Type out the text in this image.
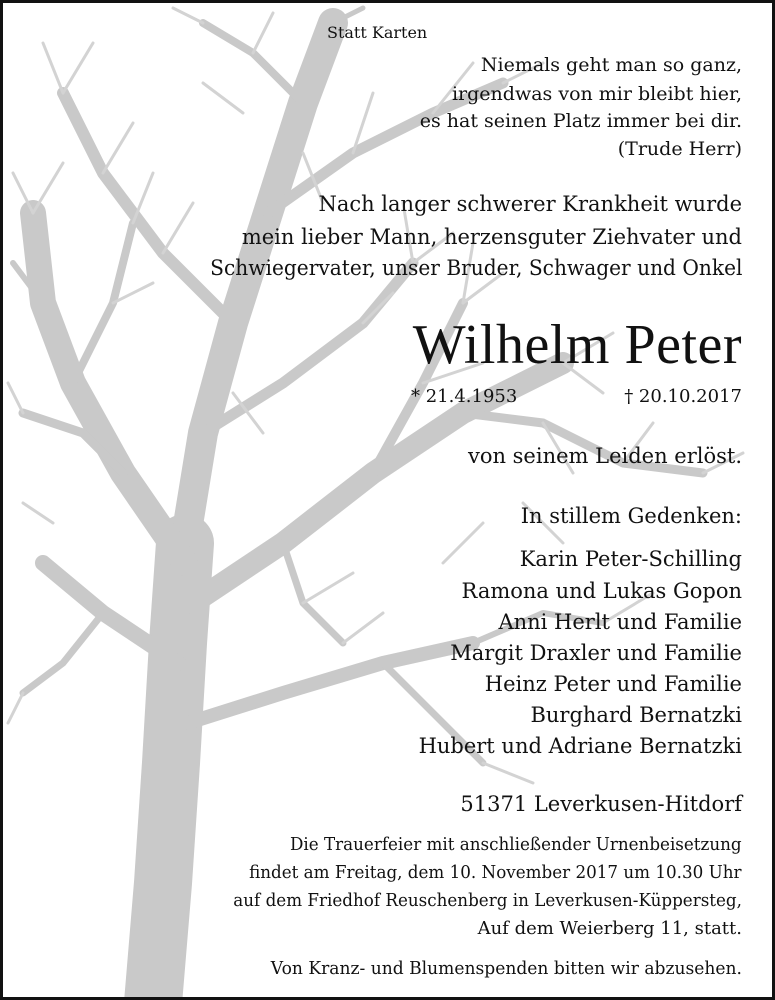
Statt Karten
Niemals geht man so ganz,
irgendwas von mir bleibt hier,
es hat seinen Platz immer bei dir.
(Trude Herr)
Nach langer schwerer Krankheit wurde
mein lieber Mann, herzensguter Ziehvater und
Schwiegervater, unser Bruder, Schwager und Onkel
Wilhelm Peter
* 21.4.1953	† 20.10.2017
von seinem Leiden erlöst.
In stillem Gedenken:
Karin Peter-Schilling
Ramona und Lukas Gopon
Anni Herlt und Familie
Margit Draxler und Familie
Heinz Peter und Familie
Burghard Bernatzki
Hubert und Adriane Bernatzki
51371 Leverkusen-Hitdorf
Die Trauerfeier mit anschließender Urnenbeisetzung
findet am Freitag, dem 10. November 2017 um 10.30 Uhr
auf dem Friedhof Reuschenberg in Leverkusen-Küppersteg,
Auf dem Weierberg 11, statt.
Von Kranz- und Blumenspenden bitten wir abzusehen.
